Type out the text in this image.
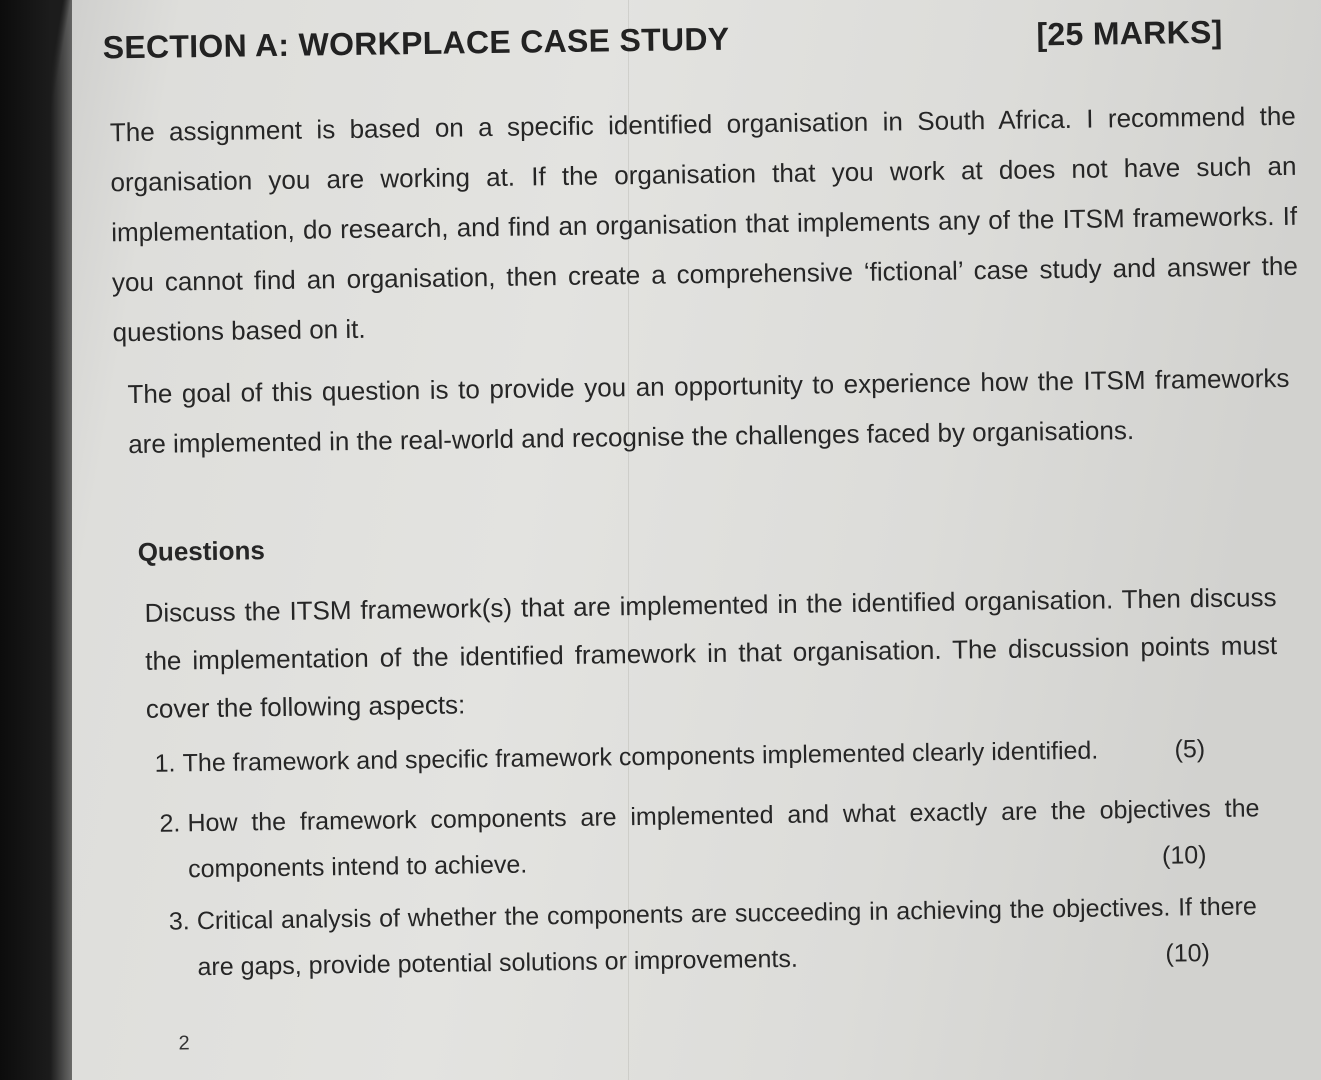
SECTION A: WORKPLACE CASE STUDY	[25 MARKS]
The assignment is based on a specific identified organisation in South Africa. I recommend the organisation you are working at. If the organisation that you work at does not have such an implementation, do research, and find an organisation that implements any of the ITSM frameworks. If you cannot find an organisation, then create a comprehensive ‘fictional’ case study and answer the questions based on it.
The goal of this question is to provide you an opportunity to experience how the ITSM frameworks are implemented in the real-world and recognise the challenges faced by organisations.
Questions
Discuss the ITSM framework(s) that are implemented in the identified organisation. Then discuss the implementation of the identified framework in that organisation. The discussion points must cover the following aspects:
1. The framework and specific framework components implemented clearly identified.	(5)
2. How the framework components are implemented and what exactly are the objectives the components intend to achieve.	(10)
3. Critical analysis of whether the components are succeeding in achieving the objectives. If there are gaps, provide potential solutions or improvements.	(10)
2
